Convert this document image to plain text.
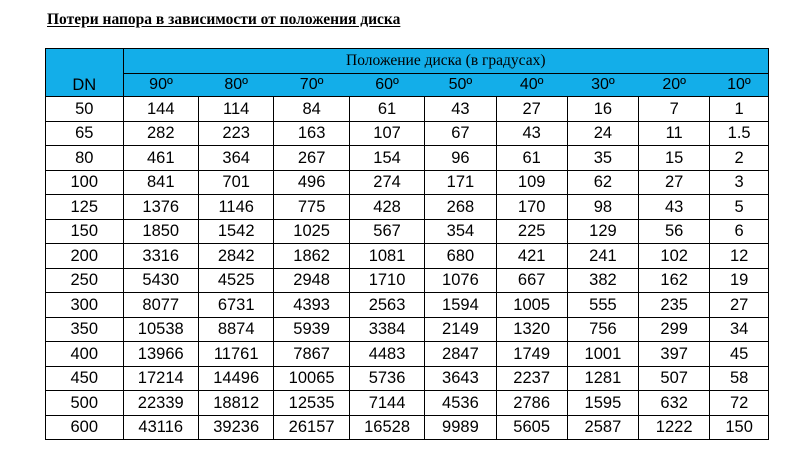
Потери напора в зависимости от положения диска
DN	Положение диска (в градусах)								
	90º	80º	70º	60º	50º	40º	30º	20º	10º
50	144	114	84	61	43	27	16	7	1
65	282	223	163	107	67	43	24	11	1.5
80	461	364	267	154	96	61	35	15	2
100	841	701	496	274	171	109	62	27	3
125	1376	1146	775	428	268	170	98	43	5
150	1850	1542	1025	567	354	225	129	56	6
200	3316	2842	1862	1081	680	421	241	102	12
250	5430	4525	2948	1710	1076	667	382	162	19
300	8077	6731	4393	2563	1594	1005	555	235	27
350	10538	8874	5939	3384	2149	1320	756	299	34
400	13966	11761	7867	4483	2847	1749	1001	397	45
450	17214	14496	10065	5736	3643	2237	1281	507	58
500	22339	18812	12535	7144	4536	2786	1595	632	72
600	43116	39236	26157	16528	9989	5605	2587	1222	150
